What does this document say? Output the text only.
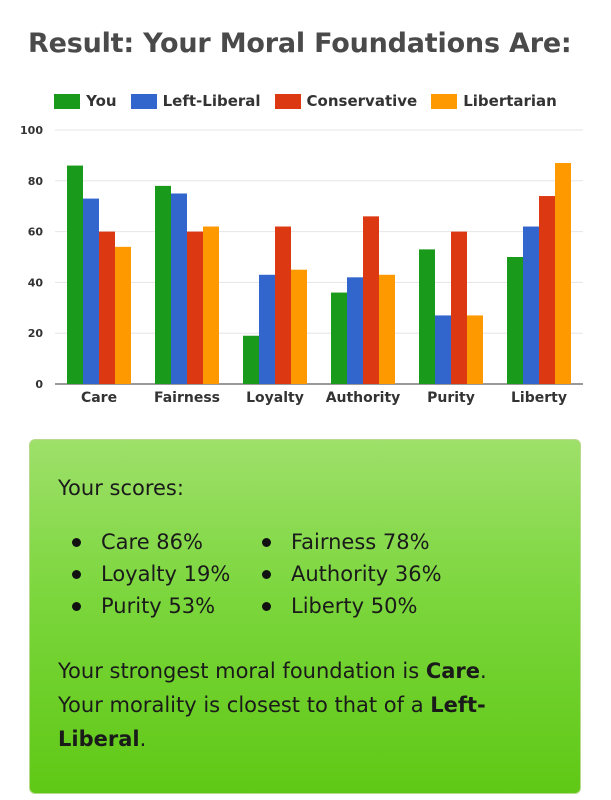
Result: Your Moral Foundations Are:
You	Left-Liberal	Conservative	Libertarian
0
20
40
60
80
100
Care	Fairness Loyalty Authority Purity	Liberty

Your scores:

Care 86%	Fairness 78%
Loyalty 19%	Authority 36%
Purity 53%	Liberty 50%

Your strongest moral foundation is Care.
Your morality is closest to that of a Left-Liberal.
